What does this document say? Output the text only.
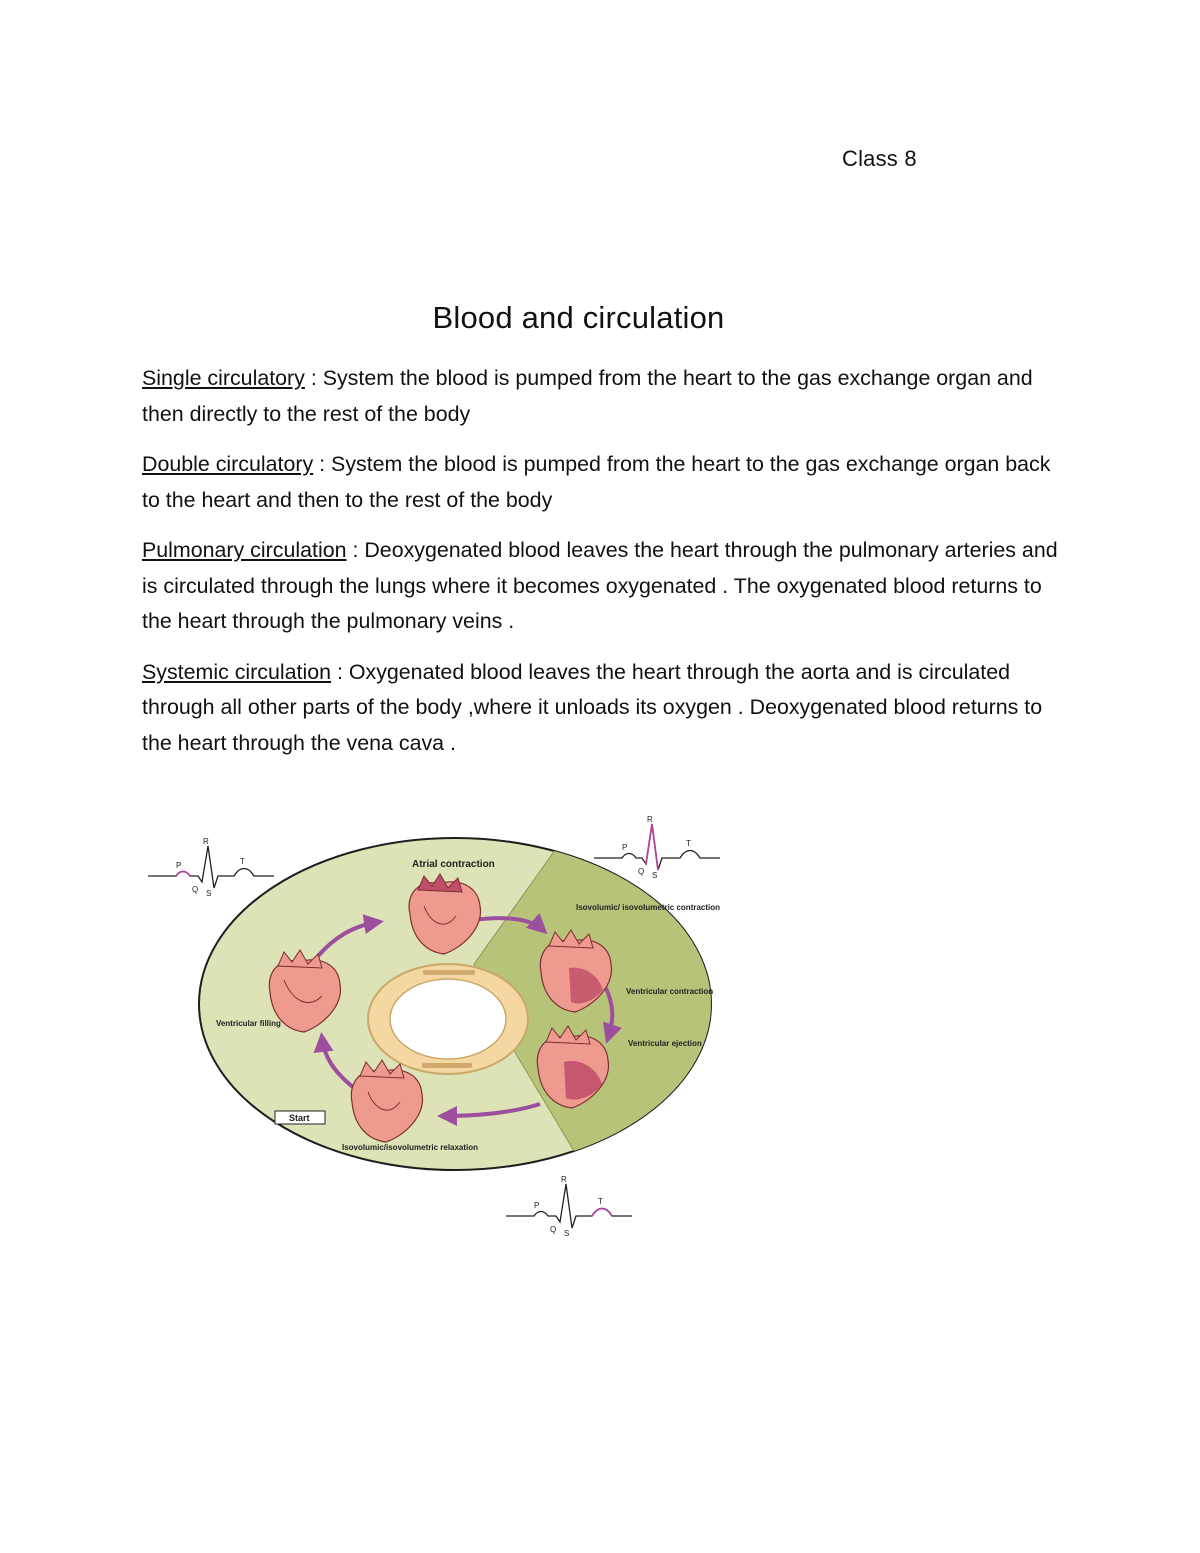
Class 8
Blood and circulation

Single circulatory : System the blood is pumped from the heart to the gas exchange organ and then directly to the rest of the body

Double circulatory : System the blood is pumped from the heart to the gas exchange organ back to the heart and then to the rest of the body

Pulmonary circulation : Deoxygenated blood leaves the heart through the pulmonary arteries and is circulated through the lungs where it becomes oxygenated . The oxygenated blood returns to the heart through the pulmonary veins .

Systemic circulation : Oxygenated blood leaves the heart through the aorta and is circulated through all other parts of the body ,where it unloads its oxygen . Deoxygenated blood returns to the heart through the vena cava .

Atrial contraction
Isovolumic/ isovolumetric contraction
Ventricular contraction
Ventricular ejection
Ventricular filling
Isovolumic/isovolumetric relaxation
Start
P
R
T
Q S
P
R
T
Q S
P
R
T
Q S
